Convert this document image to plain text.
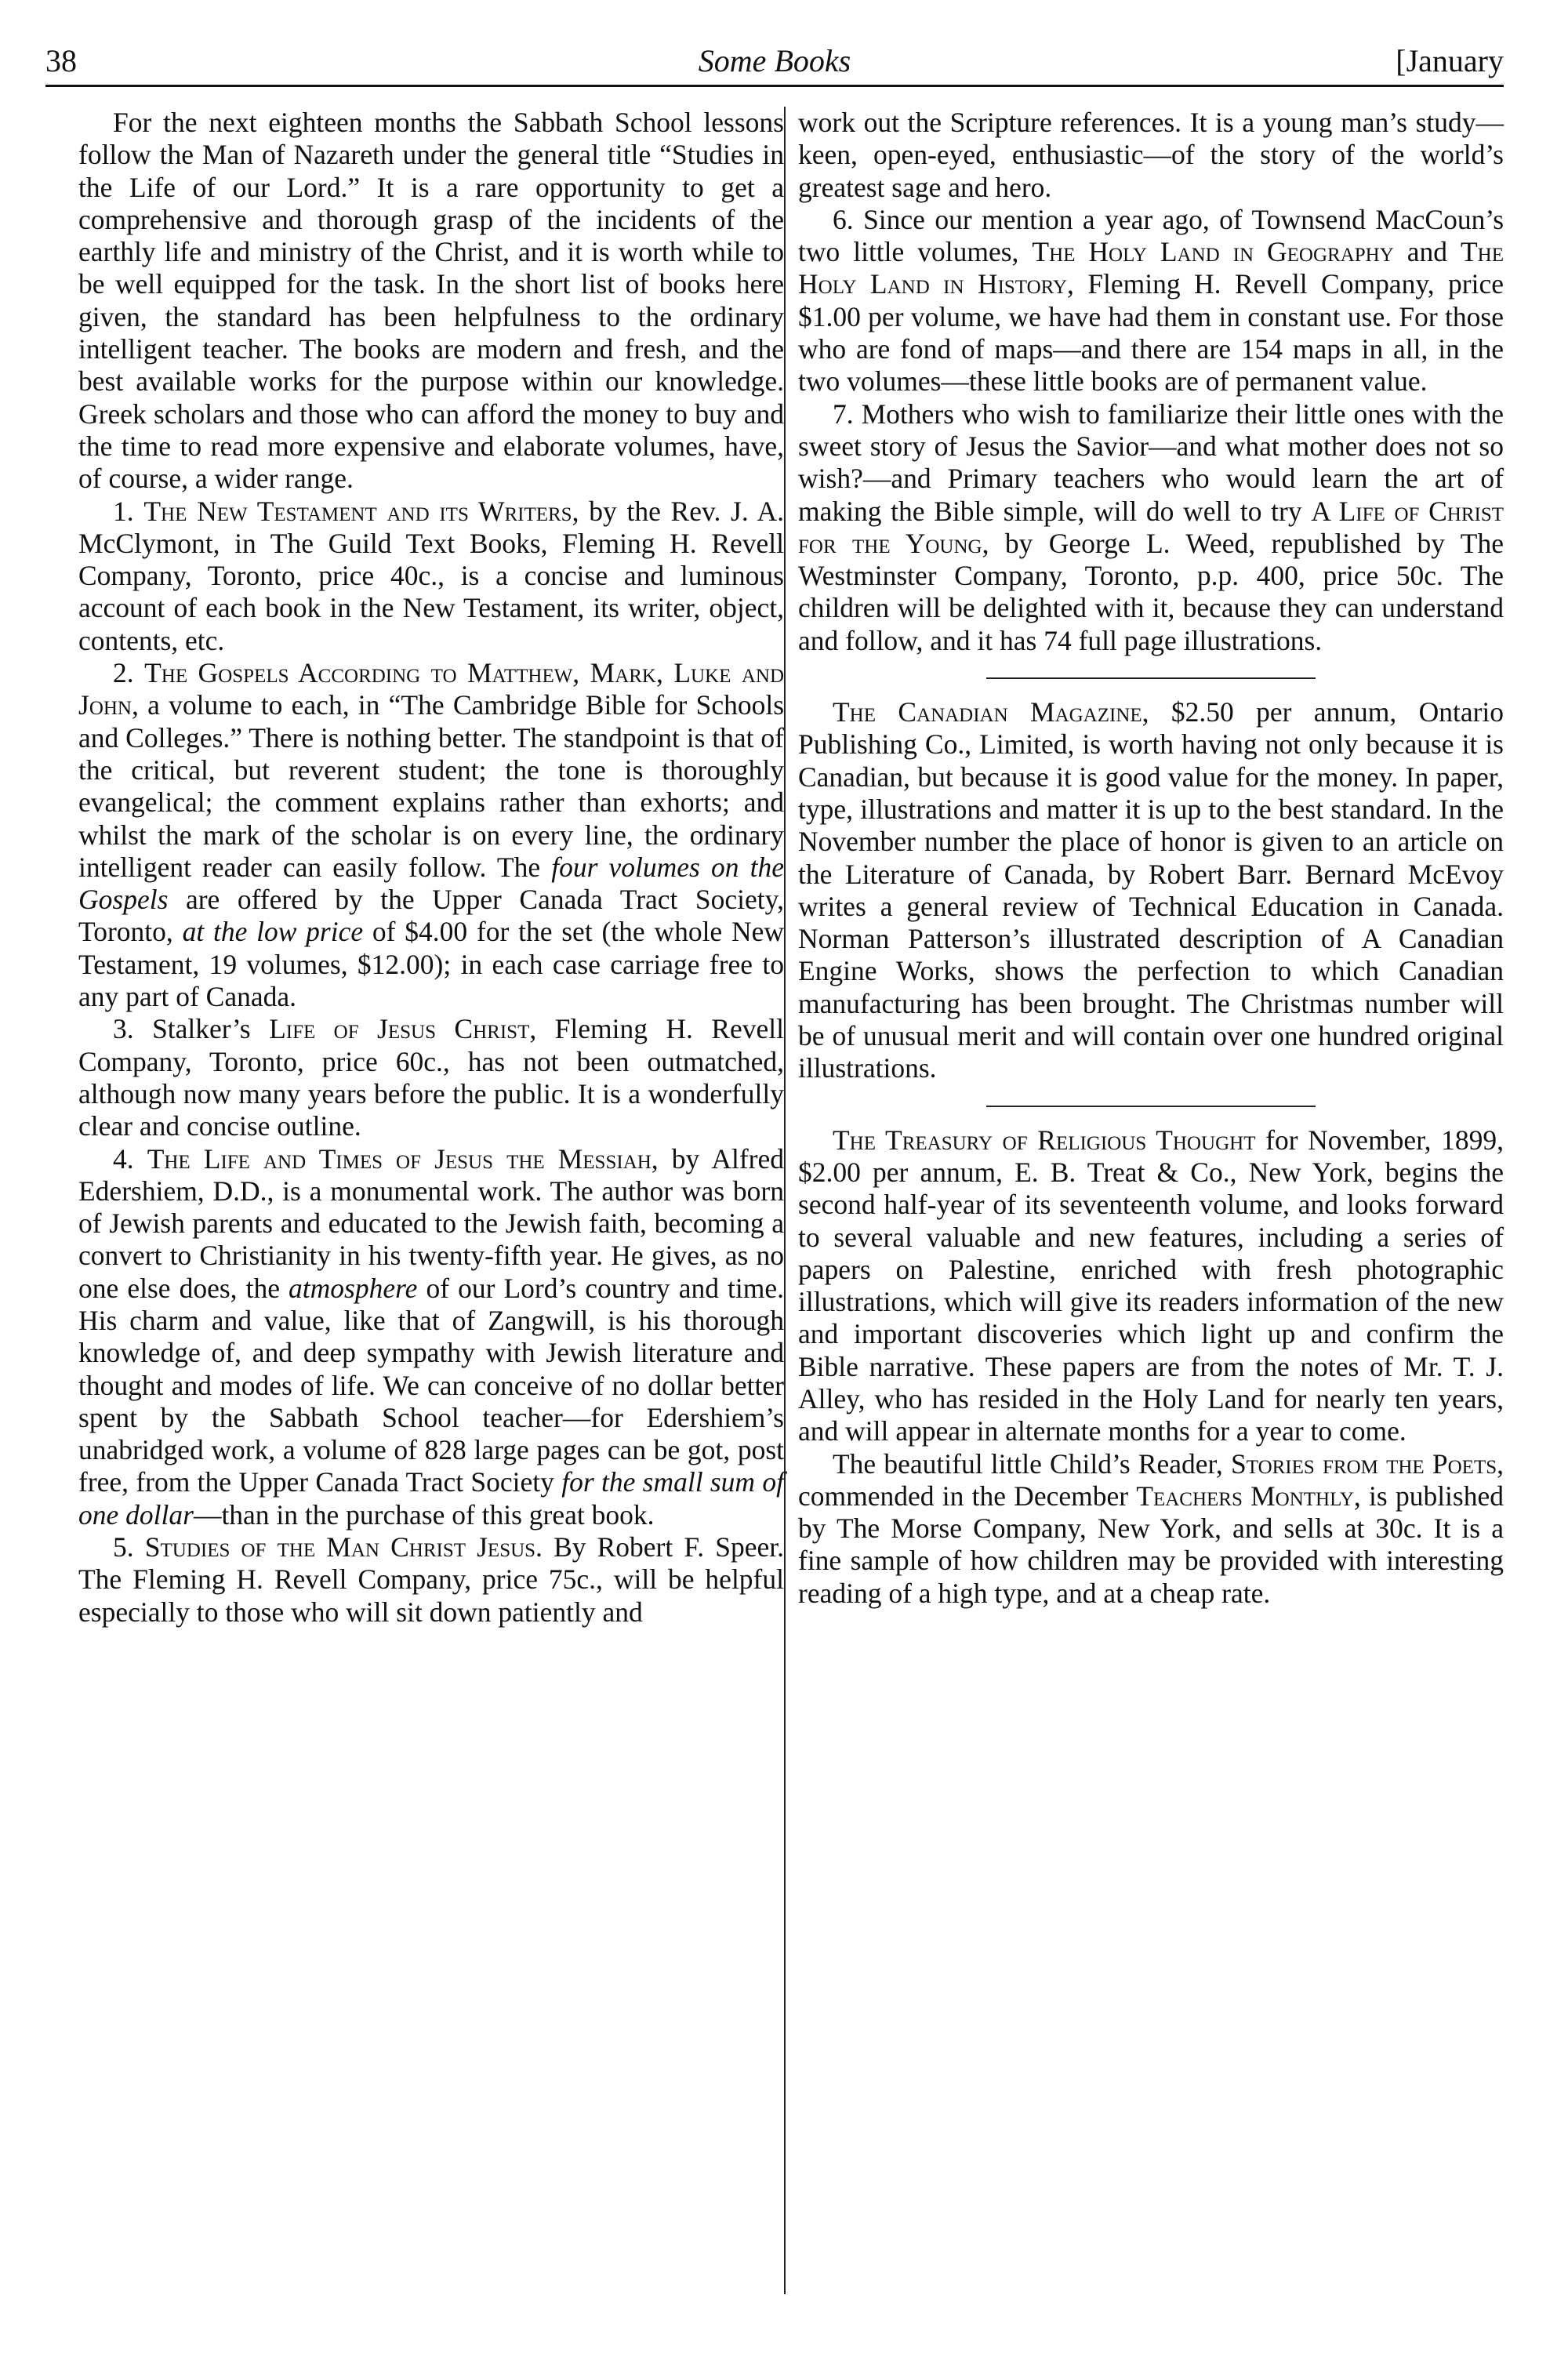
38	Some Books	[January

For the next eighteen months the Sabbath School lessons follow the Man of Nazareth under the general title “Studies in the Life of our Lord.” It is a rare opportunity to get a comprehensive and thorough grasp of the incidents of the earthly life and ministry of the Christ, and it is worth while to be well equipped for the task. In the short list of books here given, the standard has been helpfulness to the ordinary intelligent teacher. The books are modern and fresh, and the best available works for the purpose within our knowledge. Greek scholars and those who can afford the money to buy and the time to read more expensive and elaborate volumes, have, of course, a wider range.

1. The New Testament and its Writers, by the Rev. J. A. McClymont, in The Guild Text Books, Fleming H. Revell Company, Toronto, price 40c., is a concise and luminous account of each book in the New Testament, its writer, object, contents, etc.

2. The Gospels According to Matthew, Mark, Luke and John, a volume to each, in “The Cambridge Bible for Schools and Colleges.” There is nothing better. The standpoint is that of the critical, but reverent student; the tone is thoroughly evangelical; the comment explains rather than exhorts; and whilst the mark of the scholar is on every line, the ordinary intelligent reader can easily follow. The four volumes on the Gospels are offered by the Upper Canada Tract Society, Toronto, at the low price of $4.00 for the set (the whole New Testament, 19 volumes, $12.00); in each case carriage free to any part of Canada.

3. Stalker’s Life of Jesus Christ, Fleming H. Revell Company, Toronto, price 60c., has not been outmatched, although now many years before the public. It is a wonderfully clear and concise outline.

4. The Life and Times of Jesus the Messiah, by Alfred Edershiem, D.D., is a monumental work. The author was born of Jewish parents and educated to the Jewish faith, becoming a convert to Christianity in his twenty-fifth year. He gives, as no one else does, the atmosphere of our Lord’s country and time. His charm and value, like that of Zangwill, is his thorough knowledge of, and deep sympathy with Jewish literature and thought and modes of life. We can conceive of no dollar better spent by the Sabbath School teacher—for Edershiem’s unabridged work, a volume of 828 large pages can be got, post free, from the Upper Canada Tract Society for the small sum of one dollar—than in the purchase of this great book.

5. Studies of the Man Christ Jesus. By Robert F. Speer. The Fleming H. Revell Company, price 75c., will be helpful especially to those who will sit down patiently and

work out the Scripture references. It is a young man’s study—keen, open-eyed, enthusiastic—of the story of the world’s greatest sage and hero.

6. Since our mention a year ago, of Townsend MacCoun’s two little volumes, The Holy Land in Geography and The Holy Land in History, Fleming H. Revell Company, price $1.00 per volume, we have had them in constant use. For those who are fond of maps—and there are 154 maps in all, in the two volumes—these little books are of permanent value.

7. Mothers who wish to familiarize their little ones with the sweet story of Jesus the Savior—and what mother does not so wish?—and Primary teachers who would learn the art of making the Bible simple, will do well to try A Life of Christ for the Young, by George L. Weed, republished by The Westminster Company, Toronto, p.p. 400, price 50c. The children will be delighted with it, because they can understand and follow, and it has 74 full page illustrations.

The Canadian Magazine, $2.50 per annum, Ontario Publishing Co., Limited, is worth having not only because it is Canadian, but because it is good value for the money. In paper, type, illustrations and matter it is up to the best standard. In the November number the place of honor is given to an article on the Literature of Canada, by Robert Barr. Bernard McEvoy writes a general review of Technical Education in Canada. Norman Patterson’s illustrated description of A Canadian Engine Works, shows the perfection to which Canadian manufacturing has been brought. The Christmas number will be of unusual merit and will contain over one hundred original illustrations.

The Treasury of Religious Thought for November, 1899, $2.00 per annum, E. B. Treat & Co., New York, begins the second half-year of its seventeenth volume, and looks forward to several valuable and new features, including a series of papers on Palestine, enriched with fresh photographic illustrations, which will give its readers information of the new and important discoveries which light up and confirm the Bible narrative. These papers are from the notes of Mr. T. J. Alley, who has resided in the Holy Land for nearly ten years, and will appear in alternate months for a year to come.

The beautiful little Child’s Reader, Stories from the Poets, commended in the December Teachers Monthly, is published by The Morse Company, New York, and sells at 30c. It is a fine sample of how children may be provided with interesting reading of a high type, and at a cheap rate.
